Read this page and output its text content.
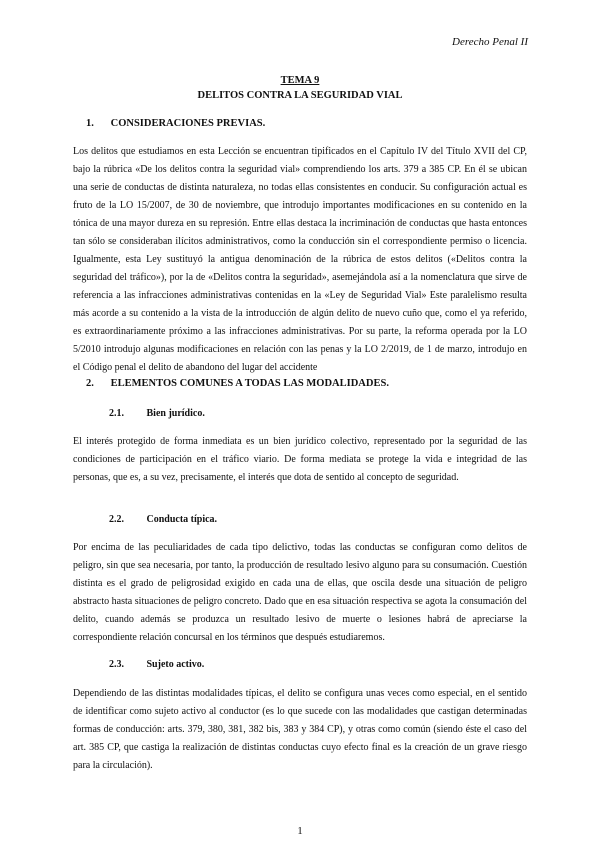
Derecho Penal II
TEMA 9
DELITOS CONTRA LA SEGURIDAD VIAL
1. CONSIDERACIONES PREVIAS.

Los delitos que estudiamos en esta Lección se encuentran tipificados en el Capítulo IV del Título XVII del CP, bajo la rúbrica «De los delitos contra la seguridad vial» comprendiendo los arts. 379 a 385 CP. En él se ubican una serie de conductas de distinta naturaleza, no todas ellas consistentes en conducir. Su configuración actual es fruto de la LO 15/2007, de 30 de noviembre, que introdujo importantes modificaciones en su contenido en la tónica de una mayor dureza en su represión. Entre ellas destaca la incriminación de conductas que hasta entonces tan sólo se consideraban ilícitos administrativos, como la conducción sin el correspondiente permiso o licencia. Igualmente, esta Ley sustituyó la antigua denominación de la rúbrica de estos delitos («Delitos contra la seguridad del tráfico»), por la de «Delitos contra la seguridad», asemejándola así a la nomenclatura que sirve de referencia a las infracciones administrativas contenidas en la «Ley de Seguridad Vial» Este paralelismo resulta más acorde a su contenido a la vista de la introducción de algún delito de nuevo cuño que, como el ya referido, es extraordinariamente próximo a las infracciones administrativas. Por su parte, la reforma operada por la LO 5/2010 introdujo algunas modificaciones en relación con las penas y la LO 2/2019, de 1 de marzo, introdujo en el Código penal el delito de abandono del lugar del accidente

2. ELEMENTOS COMUNES A TODAS LAS MODALIDADES.
2.1. Bien jurídico.

El interés protegido de forma inmediata es un bien jurídico colectivo, representado por la seguridad de las condiciones de participación en el tráfico viario. De forma mediata se protege la vida e integridad de las personas, que es, a su vez, precisamente, el interés que dota de sentido al concepto de seguridad.

2.2. Conducta típica.

Por encima de las peculiaridades de cada tipo delictivo, todas las conductas se configuran como delitos de peligro, sin que sea necesaria, por tanto, la producción de resultado lesivo alguno para su consumación. Cuestión distinta es el grado de peligrosidad exigido en cada una de ellas, que oscila desde una situación de peligro abstracto hasta situaciones de peligro concreto. Dado que en esa situación respectiva se agota la consumación del delito, cuando además se produzca un resultado lesivo de muerte o lesiones habrá de apreciarse la correspondiente relación concursal en los términos que después estudiaremos.

2.3. Sujeto activo.

Dependiendo de las distintas modalidades típicas, el delito se configura unas veces como especial, en el sentido de identificar como sujeto activo al conductor (es lo que sucede con las modalidades que castigan determinadas formas de conducción: arts. 379, 380, 381, 382 bis, 383 y 384 CP), y otras como común (siendo éste el caso del art. 385 CP, que castiga la realización de distintas conductas cuyo efecto final es la creación de un grave riesgo para la circulación).

1
